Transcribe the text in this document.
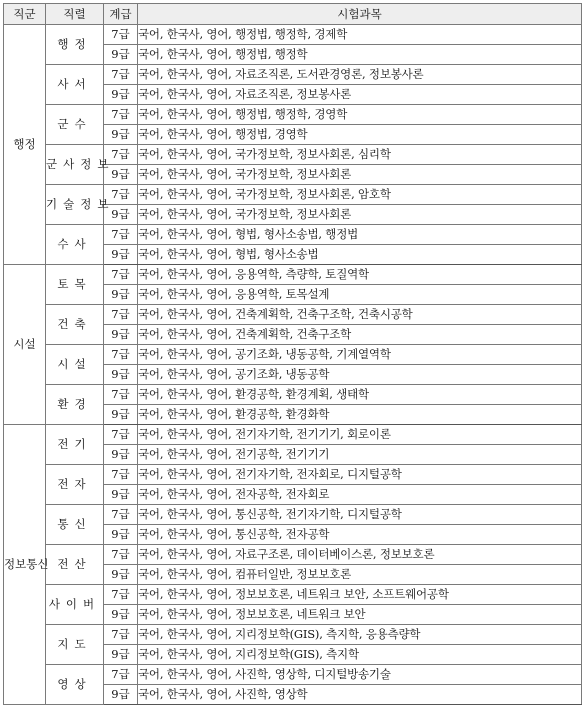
직군	직렬	계급	시험과목
행정	행정	7급	국어, 한국사, 영어, 행정법, 행정학, 경제학
		9급	국어, 한국사, 영어, 행정법, 행정학
	사서	7급	국어, 한국사, 영어, 자료조직론, 도서관경영론, 정보봉사론
		9급	국어, 한국사, 영어, 자료조직론, 정보봉사론
	군수	7급	국어, 한국사, 영어, 행정법, 행정학, 경영학
		9급	국어, 한국사, 영어, 행정법, 경영학
	군사정보	7급	국어, 한국사, 영어, 국가정보학, 정보사회론, 심리학
		9급	국어, 한국사, 영어, 국가정보학, 정보사회론
	기술정보	7급	국어, 한국사, 영어, 국가정보학, 정보사회론, 암호학
		9급	국어, 한국사, 영어, 국가정보학, 정보사회론
	수사	7급	국어, 한국사, 영어, 형법, 형사소송법, 행정법
		9급	국어, 한국사, 영어, 형법, 형사소송법
시설	토목	7급	국어, 한국사, 영어, 응용역학, 측량학, 토질역학
		9급	국어, 한국사, 영어, 응용역학, 토목설계
	건축	7급	국어, 한국사, 영어, 건축계획학, 건축구조학, 건축시공학
		9급	국어, 한국사, 영어, 건축계획학, 건축구조학
	시설	7급	국어, 한국사, 영어, 공기조화, 냉동공학, 기계열역학
		9급	국어, 한국사, 영어, 공기조화, 냉동공학
	환경	7급	국어, 한국사, 영어, 환경공학, 환경계획, 생태학
		9급	국어, 한국사, 영어, 환경공학, 환경화학
정보통신	전기	7급	국어, 한국사, 영어, 전기자기학, 전기기기, 회로이론
		9급	국어, 한국사, 영어, 전기공학, 전기기기
	전자	7급	국어, 한국사, 영어, 전기자기학, 전자회로, 디지털공학
		9급	국어, 한국사, 영어, 전자공학, 전자회로
	통신	7급	국어, 한국사, 영어, 통신공학, 전기자기학, 디지털공학
		9급	국어, 한국사, 영어, 통신공학, 전자공학
	전산	7급	국어, 한국사, 영어, 자료구조론, 데이터베이스론, 정보보호론
		9급	국어, 한국사, 영어, 컴퓨터일반, 정보보호론
	사이버	7급	국어, 한국사, 영어, 정보보호론, 네트워크 보안, 소프트웨어공학
		9급	국어, 한국사, 영어, 정보보호론, 네트워크 보안
	지도	7급	국어, 한국사, 영어, 지리정보학(GIS), 측지학, 응용측량학
		9급	국어, 한국사, 영어, 지리정보학(GIS), 측지학
	영상	7급	국어, 한국사, 영어, 사진학, 영상학, 디지털방송기술
		9급	국어, 한국사, 영어, 사진학, 영상학
